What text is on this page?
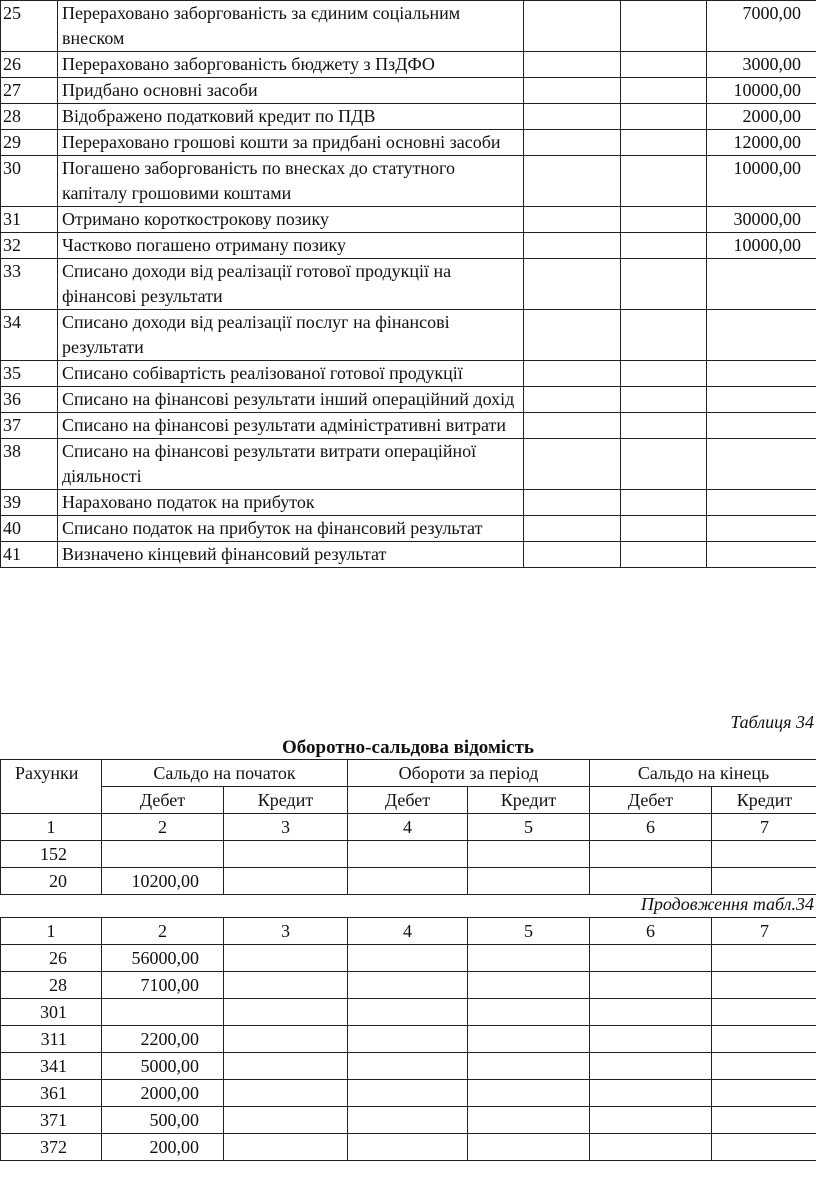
25	Перераховано заборгованість за єдиним соціальним внеском			7000,00
26	Перераховано заборгованість бюджету з ПзДФО			3000,00
27	Придбано основні засоби			10000,00
28	Відображено податковий кредит по ПДВ			2000,00
29	Перераховано грошові кошти за придбані основні засоби			12000,00
30	Погашено заборгованість по внесках до статутного капіталу грошовими коштами			10000,00
31	Отримано короткострокову позику			30000,00
32	Частково погашено отриману позику			10000,00
33	Списано доходи від реалізації готової продукції на фінансові результати			
34	Списано доходи від реалізації послуг на фінансові результати			
35	Списано собівартість реалізованої готової продукції			
36	Списано на фінансові результати інший операційний дохід			
37	Списано на фінансові результати адміністративні витрати			
38	Списано на фінансові результати витрати операційної діяльності			
39	Нараховано податок на прибуток			
40	Списано податок на прибуток на фінансовий результат			
41	Визначено кінцевий фінансовий результат			
Таблиця 34
Оборотно-сальдова відомість
Рахунки	Сальдо на початок		Обороти за період		Сальдо на кінець	
	Дебет	Кредит	Дебет	Кредит	Дебет	Кредит
1	2	3	4	5	6	7
152						
20	10200,00					
Продовження табл.34
1	2	3	4	5	6	7
26	56000,00					
28	7100,00					
301						
311	2200,00					
341	5000,00					
361	2000,00					
371	500,00					
372	200,00					
